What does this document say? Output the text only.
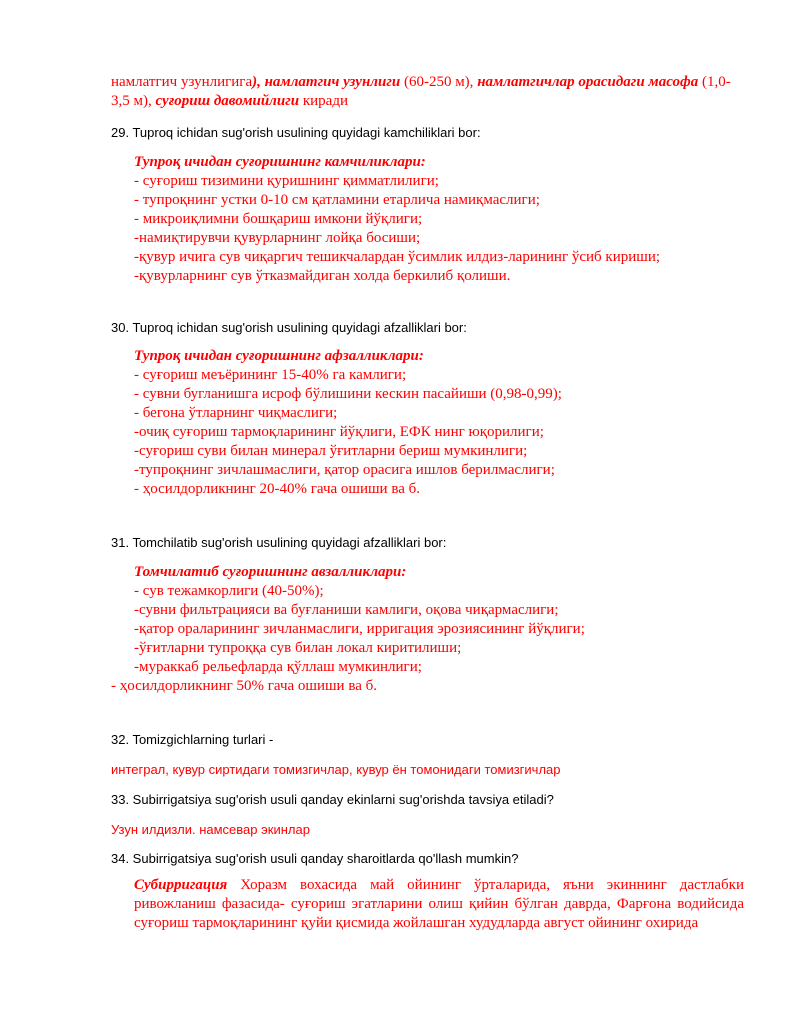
намлатгич узунлигига), намлатгич узунлиги (60-250 м), намлатгичлар орасидаги масофа (1,0-3,5 м), суғориш давомийлиги киради
29. Tuproq ichidan sug'orish usulining quyidagi kamchiliklari bor:
Тупроқ ичидан суғоришнинг камчиликлари:
- суғориш тизимини қуришнинг қимматлилиги;
- тупроқнинг устки 0-10 см қатламини етарлича намиқмаслиги;
- микроиқлимни бошқариш имкони йўқлиги;
-намиқтирувчи қувурларнинг лойқа босиши;
-қувур ичига сув чиқаргич тешикчалардан ўсимлик илдиз-ларининг ўсиб кириши;
-қувурларнинг сув ўтказмайдиган холда беркилиб қолиши.
30. Tuproq ichidan sug'orish usulining quyidagi afzalliklari bor:
Тупроқ ичидан суғоришнинг афзалликлари:
- суғориш меъёрининг 15-40% га камлиги;
- сувни бугланишга исроф бўлишини кескин пасайиши (0,98-0,99);
- бегона ўтларнинг чиқмаслиги;
-очиқ суғориш тармоқларининг йўқлиги, ЕФК нинг юқорилиги;
-суғориш суви билан минерал ўғитларни бериш мумкинлиги;
-тупроқнинг зичлашмаслиги, қатор орасига ишлов берилмаслиги;
- ҳосилдорликнинг 20-40% гача ошиши ва б.
31. Tomchilatib sug'orish usulining quyidagi afzalliklari bor:
Томчилатиб суғоришнинг авзалликлари:
- сув тежамкорлиги (40-50%);
-сувни фильтрацияси ва буғланиши камлиги, оқова чиқармаслиги;
-қатор ораларининг зичланмаслиги, ирригация эрозиясининг йўқлиги;
-ўғитларни тупроққа сув билан локал киритилиши;
-мураккаб рельефларда қўллаш мумкинлиги;
- ҳосилдорликнинг 50% гача ошиши ва б.
32. Tomizgichlarning turlari -
интеграл, кувур сиртидаги томизгичлар, кувур ён томонидаги томизгичлар
33. Subirrigatsiya sug'orish usuli qanday ekinlarni sug'orishda tavsiya etiladi?
Узун илдизли. намсевар экинлар
34. Subirrigatsiya sug'orish usuli qanday sharoitlarda qo'llash mumkin?
Субирригация Хоразм вохасида май ойининг ўрталарида, яъни экиннинг дастлабки ривожланиш фазасида- суғориш эгатларини олиш қийин бўлган даврда, Фарғона водийсида суғориш тармоқларининг қуйи қисмида жойлашган худудларда август ойининг охирида
